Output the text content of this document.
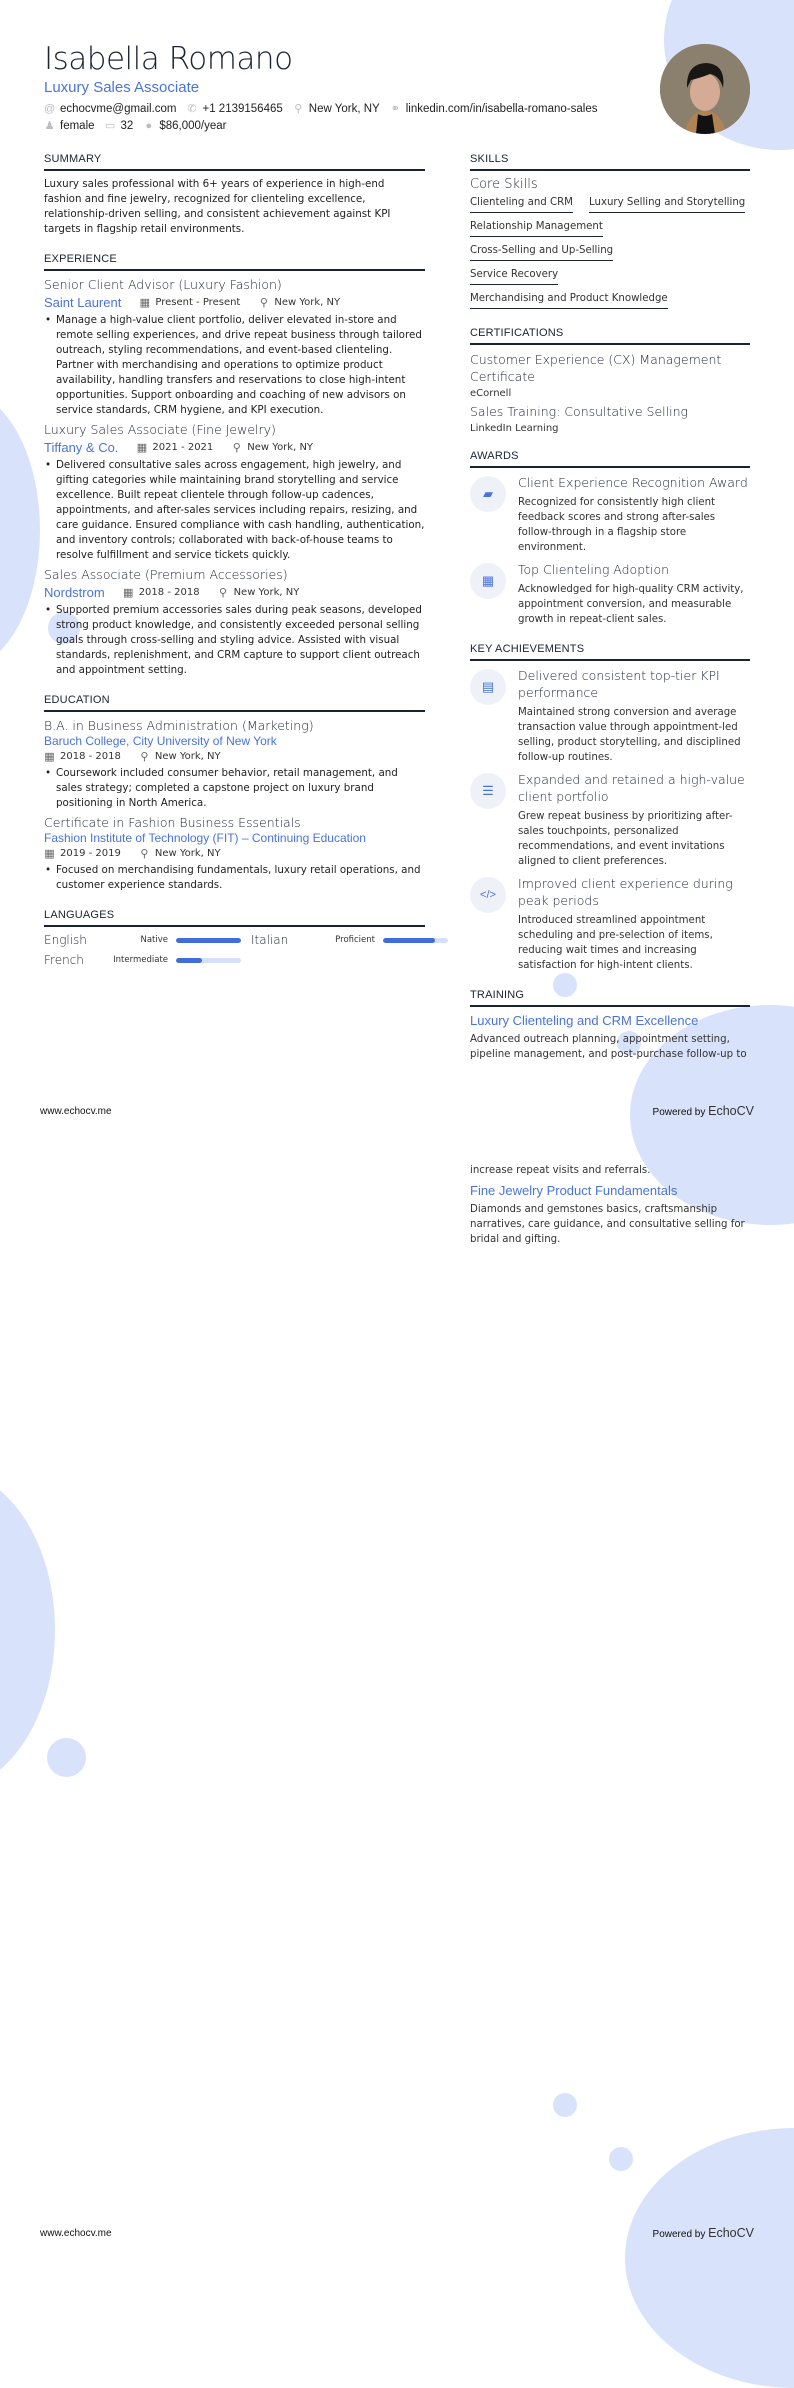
Isabella Romano
Luxury Sales Associate
@ echocvme@gmail.com ✆ +1 2139156465 ⚲ New York, NY ⚭ linkedin.com/in/isabella-romano-sales
♟ female ▭ 32 ● $86,000/year
SUMMARY

Luxury sales professional with 6+ years of experience in high-end fashion and fine jewelry, recognized for clienteling excellence, relationship-driven selling, and consistent achievement against KPI targets in flagship retail environments.

EXPERIENCE
Senior Client Advisor (Luxury Fashion)
Saint Laurent ▦ Present - Present ⚲ New York, NY
• Manage a high-value client portfolio, deliver elevated in-store and remote selling experiences, and drive repeat business through tailored outreach, styling recommendations, and event-based clienteling. Partner with merchandising and operations to optimize product availability, handling transfers and reservations to close high-intent opportunities. Support onboarding and coaching of new advisors on service standards, CRM hygiene, and KPI execution.
Luxury Sales Associate (Fine Jewelry)
Tiffany & Co. ▦ 2021 - 2021 ⚲ New York, NY
• Delivered consultative sales across engagement, high jewelry, and gifting categories while maintaining brand storytelling and service excellence. Built repeat clientele through follow-up cadences, appointments, and after-sales services including repairs, resizing, and care guidance. Ensured compliance with cash handling, authentication, and inventory controls; collaborated with back-of-house teams to resolve fulfillment and service tickets quickly.
Sales Associate (Premium Accessories)
Nordstrom ▦ 2018 - 2018 ⚲ New York, NY
• Supported premium accessories sales during peak seasons, developed strong product knowledge, and consistently exceeded personal selling goals through cross-selling and styling advice. Assisted with visual standards, replenishment, and CRM capture to support client outreach and appointment setting.
EDUCATION
B.A. in Business Administration (Marketing)
Baruch College, City University of New York
▦ 2018 - 2018 ⚲ New York, NY
• Coursework included consumer behavior, retail management, and sales strategy; completed a capstone project on luxury brand positioning in North America.
Certificate in Fashion Business Essentials
Fashion Institute of Technology (FIT) – Continuing Education
▦ 2019 - 2019 ⚲ New York, NY
• Focused on merchandising fundamentals, luxury retail operations, and customer experience standards.
LANGUAGES
English	Native	Italian	Proficient
French	Intermediate
SKILLS
Core Skills
Clienteling and CRM Luxury Selling and Storytelling
Relationship Management
Cross-Selling and Up-Selling
Service Recovery
Merchandising and Product Knowledge
CERTIFICATIONS
Customer Experience (CX) Management Certificate
eCornell
Sales Training: Consultative Selling
LinkedIn Learning
AWARDS
▰
Client Experience Recognition Award
Recognized for consistently high client feedback scores and strong after-sales follow-through in a flagship store environment.
▦
Top Clienteling Adoption
Acknowledged for high-quality CRM activity, appointment conversion, and measurable growth in repeat-client sales.
KEY ACHIEVEMENTS
▤
Delivered consistent top-tier KPI performance
Maintained strong conversion and average transaction value through appointment-led selling, product storytelling, and disciplined follow-up routines.
☰
Expanded and retained a high-value client portfolio
Grew repeat business by prioritizing after-sales touchpoints, personalized recommendations, and event invitations aligned to client preferences.
</>
Improved client experience during peak periods
Introduced streamlined appointment scheduling and pre-selection of items, reducing wait times and increasing satisfaction for high-intent clients.
TRAINING
Luxury Clienteling and CRM Excellence
Advanced outreach planning, appointment setting, pipeline management, and post-purchase follow-up to
www.echocv.me	Powered by EchoCV
increase repeat visits and referrals.
Fine Jewelry Product Fundamentals
Diamonds and gemstones basics, craftsmanship narratives, care guidance, and consultative selling for bridal and gifting.
www.echocv.me	Powered by EchoCV
